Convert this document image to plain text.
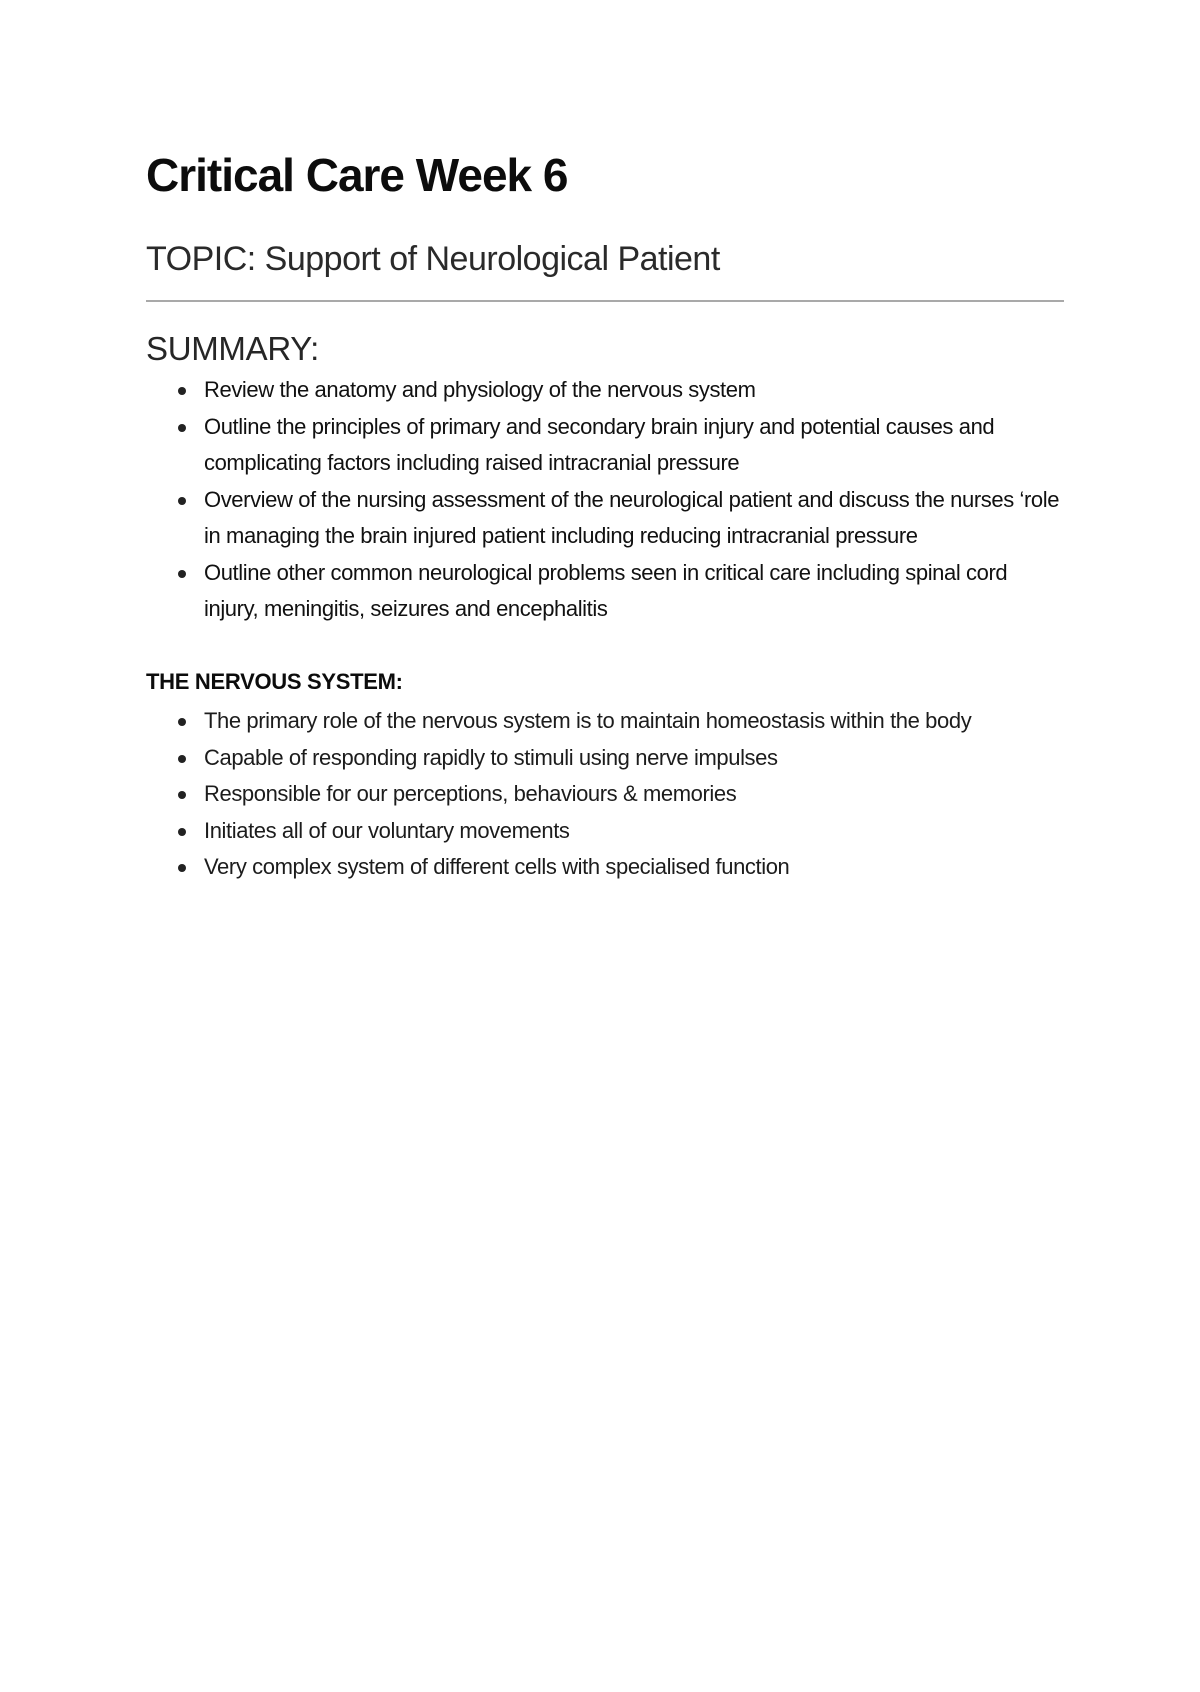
Critical Care Week 6
TOPIC: Support of Neurological Patient
SUMMARY:
Review the anatomy and physiology of the nervous system
Outline the principles of primary and secondary brain injury and potential causes and complicating factors including raised intracranial pressure
Overview of the nursing assessment of the neurological patient and discuss the nurses ‘role in managing the brain injured patient including reducing intracranial pressure
Outline other common neurological problems seen in critical care including spinal cord injury, meningitis, seizures and encephalitis
THE NERVOUS SYSTEM:
The primary role of the nervous system is to maintain homeostasis within the body
Capable of responding rapidly to stimuli using nerve impulses
Responsible for our perceptions, behaviours & memories
Initiates all of our voluntary movements
Very complex system of different cells with specialised function
